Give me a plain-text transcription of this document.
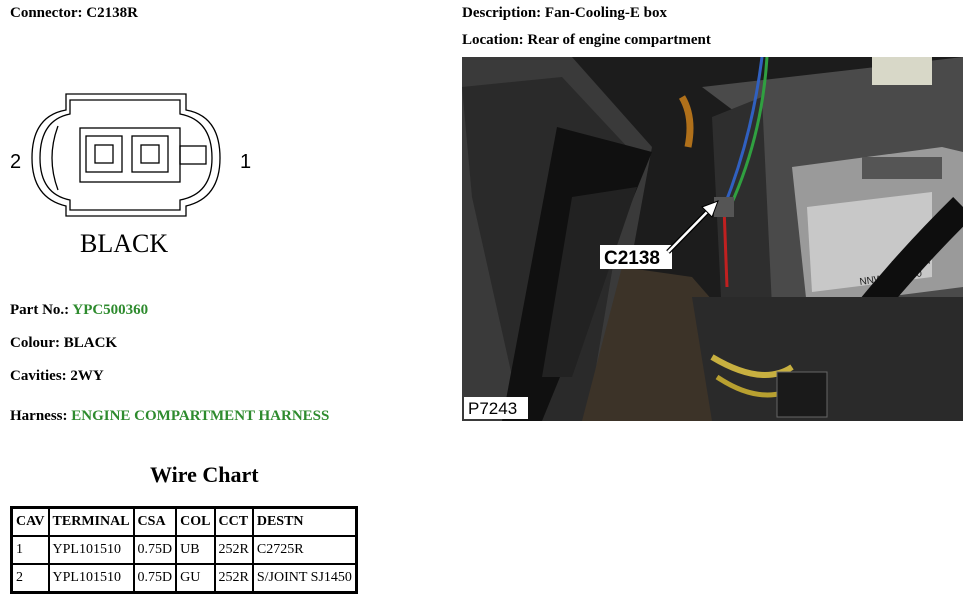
Connector: C2138R	Description: Fan-Cooling-E box
Location: Rear of engine compartment
2	1
BLACK
Part No.: YPC500360
Colour: BLACK
Cavities: 2WY
Harness: ENGINE COMPARTMENT HARNESS
BOSCH
NNW 502 640
C2138
P7243
Wire Chart
CAV	TERMINAL	CSA	COL	CCT	DESTN
1	YPL101510	0.75D	UB	252R	C2725R
2	YPL101510	0.75D	GU	252R	S/JOINT SJ1450
